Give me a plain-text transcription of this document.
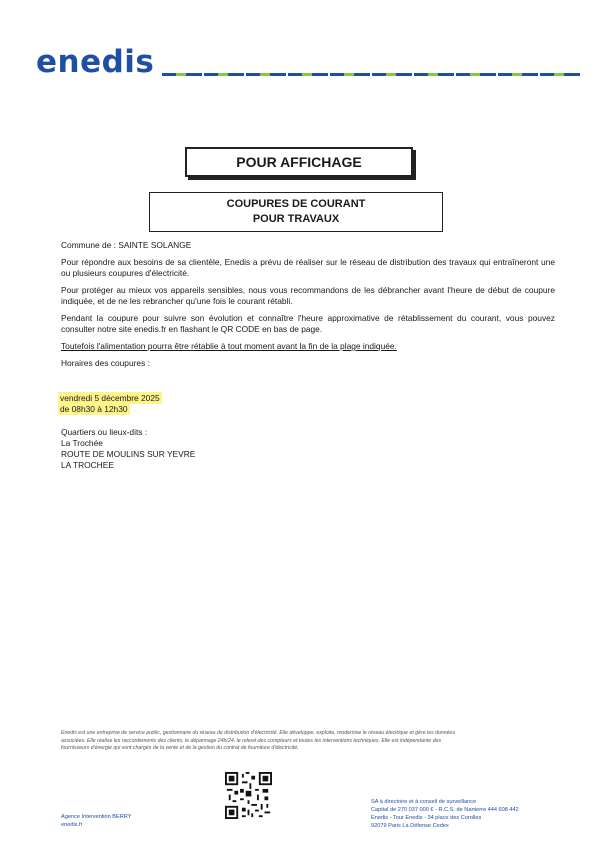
enedis
POUR AFFICHAGE
COUPURES DE COURANT
POUR TRAVAUX

Commune de : SAINTE SOLANGE

Pour répondre aux besoins de sa clientèle, Enedis a prévu de réaliser sur le réseau de distribution des travaux qui entraîneront une ou plusieurs coupures d'électricité.

Pour protéger au mieux vos appareils sensibles, nous vous recommandons de les débrancher avant l'heure de début de coupure indiquée, et de ne les rebrancher qu'une fois le courant rétabli.

Pendant la coupure pour suivre son évolution et connaître l'heure approximative de rétablissement du courant, vous pouvez consulter notre site enedis.fr en flashant le QR CODE en bas de page.

Toutefois l'alimentation pourra être rétablie à tout moment avant la fin de la plage indiquée.

Horaires des coupures :

vendredi 5 décembre 2025

de 08h30 à 12h30

Quartiers ou lieux-dits :

La Trochée

ROUTE DE MOULINS SUR YEVRE

LA TROCHEE

Enedis est une entreprise de service public, gestionnaire du réseau de distribution d'électricité. Elle développe, exploite, modernise le réseau électrique et gère les données

associées. Elle réalise les raccordements des clients, le dépannage 24h/24, le relevé des compteurs et toutes les interventions techniques. Elle est indépendante des

fournisseurs d'énergie qui sont chargés de la vente et de la gestion du contrat de fourniture d'électricité.

Agence Intervention BERRY

enedis.fr

SA à directoire et à conseil de surveillance

Capital de 270 037 000 € - R.C.S. de Nanterre 444 608 442

Enedis - Tour Enedis - 34 place des Corolles

92079 Paris La Défense Cedex
